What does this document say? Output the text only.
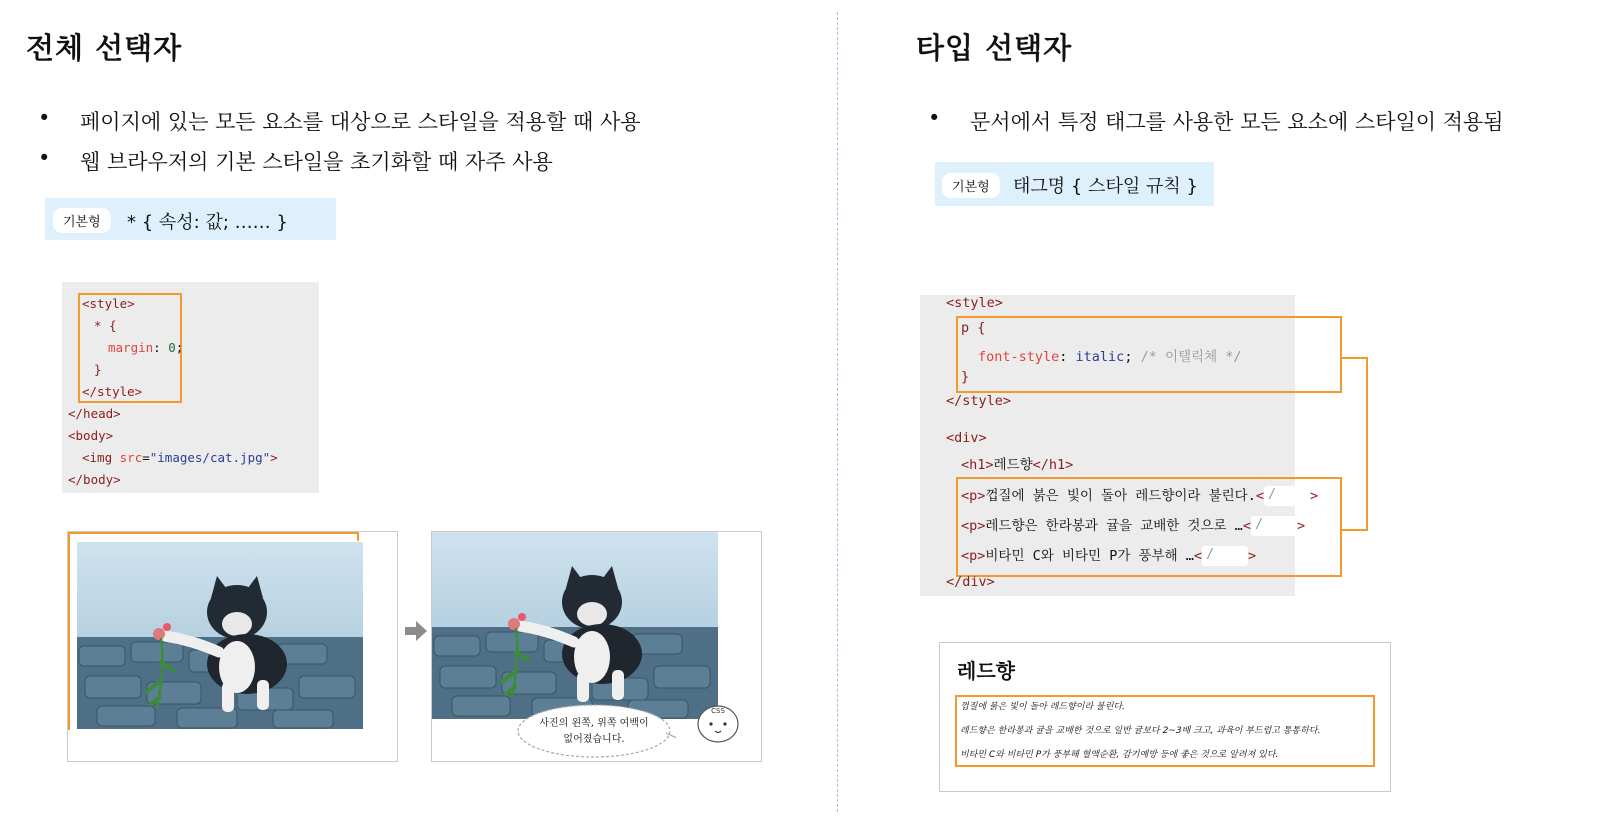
전체 선택자
• 페이지에 있는 모든 요소를 대상으로 스타일을 적용할 때 사용
• 웹 브라우저의 기본 스타일을 초기화할 때 자주 사용
기본형	* { 속성: 값; …… }
<style>
* {
margin: 0;
}
</style>
</head>
<body>
<img src="images/cat.jpg">
</body>
사진의 왼쪽, 위쪽 여백이
없어졌습니다.
CSS
타입 선택자
• 문서에서 특정 태그를 사용한 모든 요소에 스타일이 적용됨
기본형	태그명 { 스타일 규칙 }
<style>
p {
font-style: italic; /* 이탤릭체 */
}
</style>
<div>
<h1>레드향</h1>
<p>껍질에 붉은 빛이 돌아 레드향이라 불린다.< /	>
<p>레드향은 한라봉과 귤을 교배한 것으로 …< /	>
<p>비타민 C와 비타민 P가 풍부해 …< /	>
</div>
레드향
껍질에 붉은 빛이 돌아 레드향이라 불린다.
레드향은 한라봉과 귤을 교배한 것으로 일반 귤보다 2~3배 크고, 과육이 부드럽고 통통하다.
비타민 C와 비타민 P가 풍부해 혈액순환, 감기예방 등에 좋은 것으로 알려져 있다.
